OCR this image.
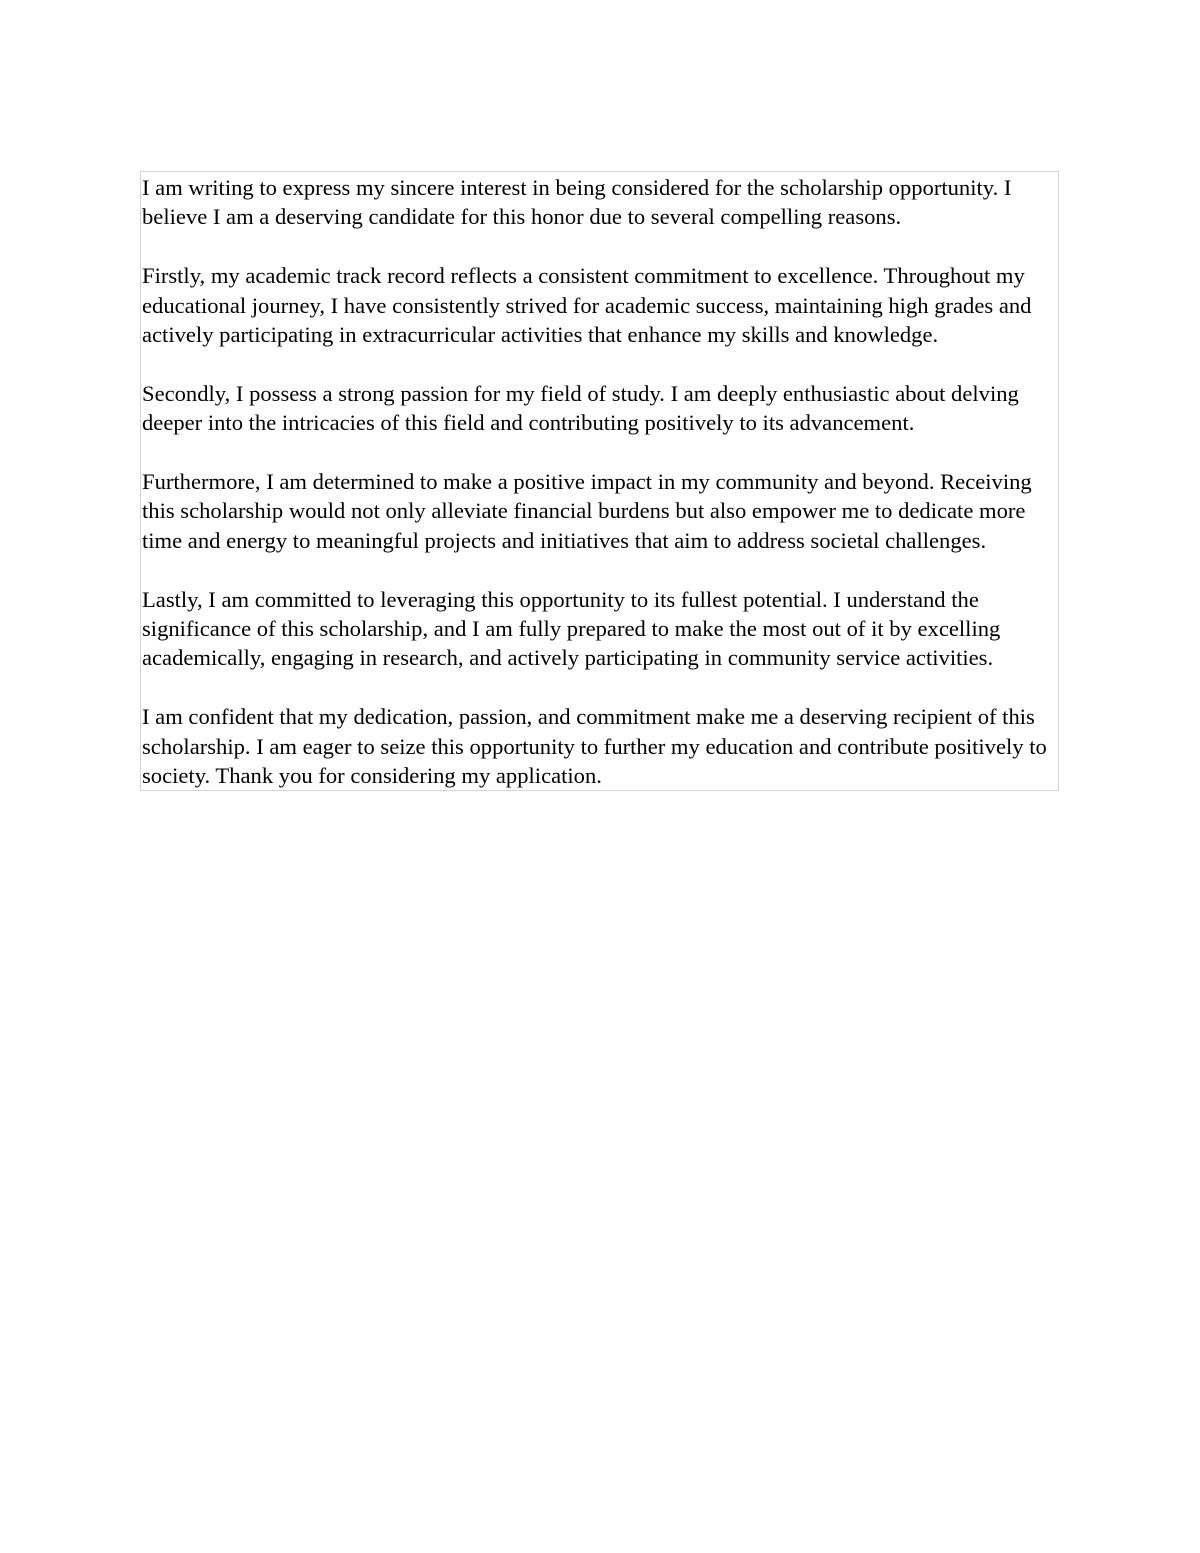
I am writing to express my sincere interest in being considered for the scholarship opportunity. I believe I am a deserving candidate for this honor due to several compelling reasons.

Firstly, my academic track record reflects a consistent commitment to excellence. Throughout my educational journey, I have consistently strived for academic success, maintaining high grades and actively participating in extracurricular activities that enhance my skills and knowledge.

Secondly, I possess a strong passion for my field of study. I am deeply enthusiastic about delving deeper into the intricacies of this field and contributing positively to its advancement.

Furthermore, I am determined to make a positive impact in my community and beyond. Receiving this scholarship would not only alleviate financial burdens but also empower me to dedicate more time and energy to meaningful projects and initiatives that aim to address societal challenges.

Lastly, I am committed to leveraging this opportunity to its fullest potential. I understand the significance of this scholarship, and I am fully prepared to make the most out of it by excelling academically, engaging in research, and actively participating in community service activities.

I am confident that my dedication, passion, and commitment make me a deserving recipient of this scholarship. I am eager to seize this opportunity to further my education and contribute positively to society. Thank you for considering my application.
